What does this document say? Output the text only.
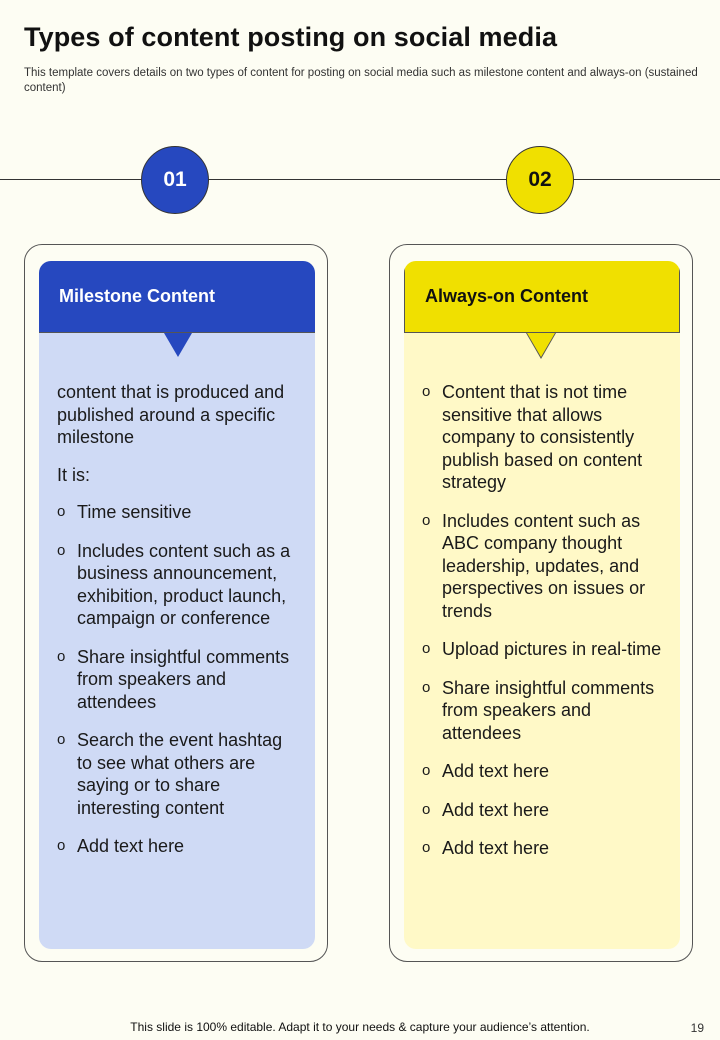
Types of content posting on social media
This template covers details on two types of content for posting on social media such as milestone content and always-on (sustained content)
01	02
Milestone Content

content that is produced and published around a specific milestone

It is:

o Time sensitive
o Includes content such as a business announcement, exhibition, product launch, campaign or conference
o Share insightful comments from speakers and attendees
o Search the event hashtag to see what others are saying or to share interesting content
o Add text here
Always-on Content
o Content that is not time sensitive that allows company to consistently publish based on content strategy
o Includes content such as ABC company thought leadership, updates, and perspectives on issues or trends
o Upload pictures in real-time
o Share insightful comments from speakers and attendees
o Add text here
o Add text here
o Add text here
This slide is 100% editable. Adapt it to your needs & capture your audience’s attention.	19
